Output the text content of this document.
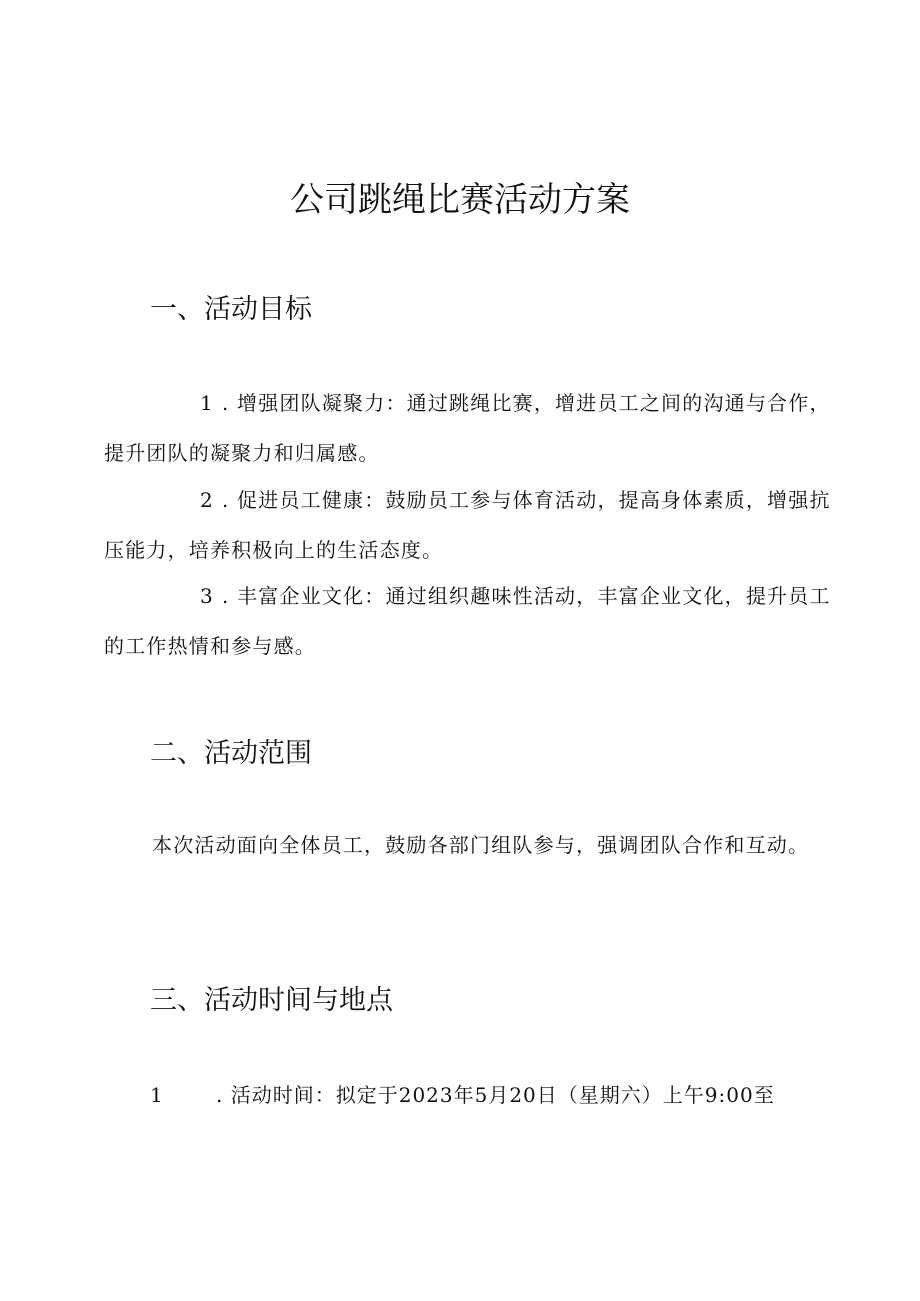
公司跳绳比赛活动方案
一、活动目标
1 . 增强团队凝聚力：通过跳绳比赛，增进员工之间的沟通与合作，提升团队的凝聚力和归属感。
2 . 促进员工健康：鼓励员工参与体育活动，提高身体素质，增强抗压能力，培养积极向上的生活态度。
3 . 丰富企业文化：通过组织趣味性活动，丰富企业文化，提升员工的工作热情和参与感。
二、活动范围
本次活动面向全体员工，鼓励各部门组队参与，强调团队合作和互动。
三、活动时间与地点
1	. 活动时间：拟定于2023年5月20日（星期六）上午9:00至
